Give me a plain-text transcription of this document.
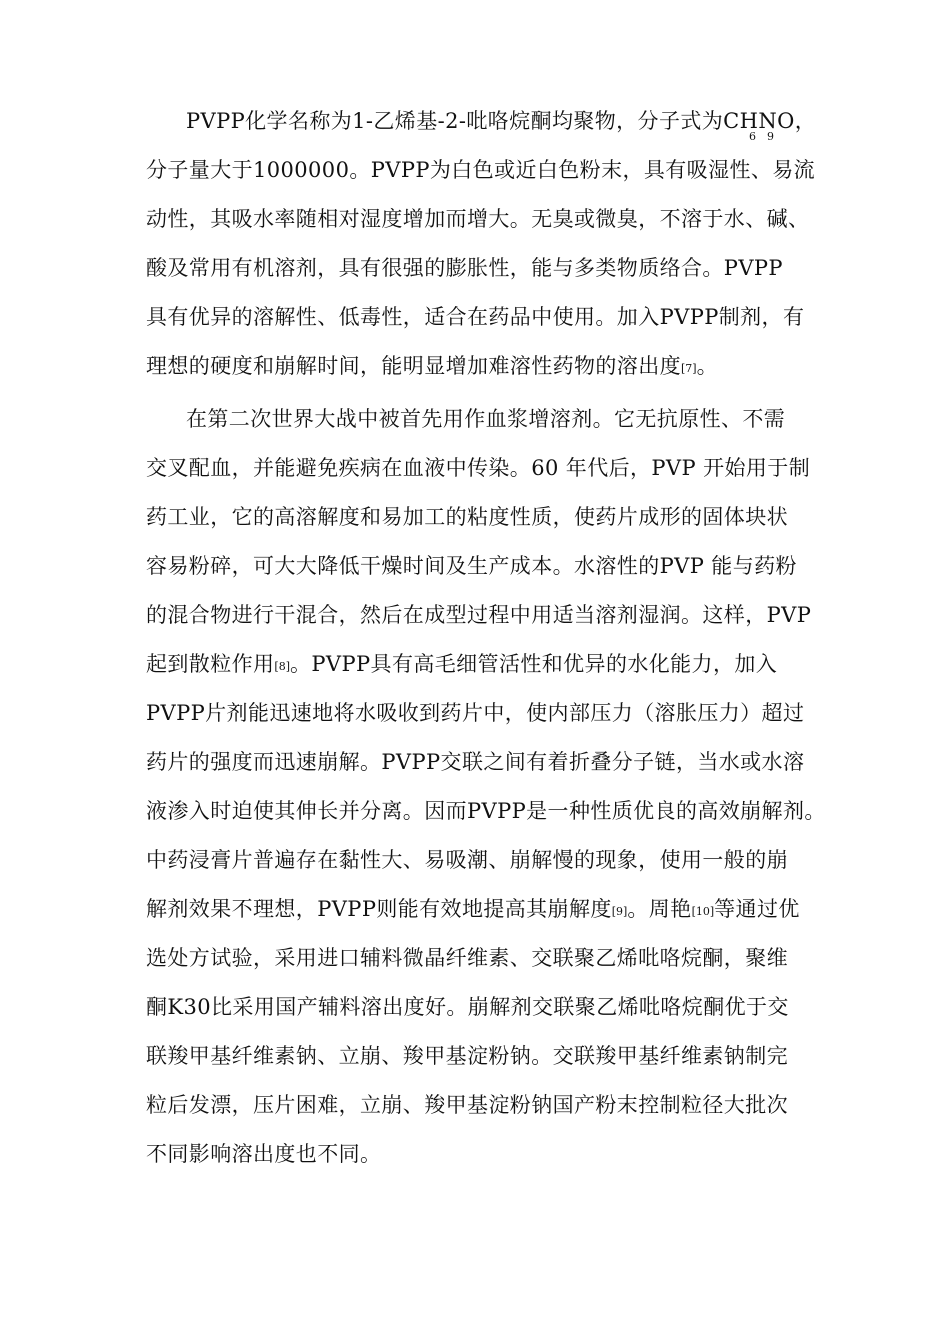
PVPP化学名称为1-乙烯基-2-吡咯烷酮均聚物，分子式为CHNO，
6 9
分子量大于1000000。PVPP为白色或近白色粉末，具有吸湿性、易流
动性，其吸水率随相对湿度增加而增大。无臭或微臭，不溶于水、碱、
酸及常用有机溶剂，具有很强的膨胀性，能与多类物质络合。PVPP
具有优异的溶解性、低毒性，适合在药品中使用。加入PVPP制剂，有
理想的硬度和崩解时间，能明显增加难溶性药物的溶出度[7]。
在第二次世界大战中被首先用作血浆增溶剂。它无抗原性、不需
交叉配血，并能避免疾病在血液中传染。60 年代后，PVP 开始用于制
药工业，它的高溶解度和易加工的粘度性质，使药片成形的固体块状
容易粉碎，可大大降低干燥时间及生产成本。水溶性的PVP 能与药粉
的混合物进行干混合，然后在成型过程中用适当溶剂湿润。这样，PVP
起到散粒作用[8]。PVPP具有高毛细管活性和优异的水化能力，加入
PVPP片剂能迅速地将水吸收到药片中，使内部压力（溶胀压力）超过
药片的强度而迅速崩解。PVPP交联之间有着折叠分子链，当水或水溶
液渗入时迫使其伸长并分离。因而PVPP是一种性质优良的高效崩解剂。
中药浸膏片普遍存在黏性大、易吸潮、崩解慢的现象，使用一般的崩
解剂效果不理想，PVPP则能有效地提高其崩解度[9]。周艳[10]等通过优
选处方试验，采用进口辅料微晶纤维素、交联聚乙烯吡咯烷酮，聚维
酮K30比采用国产辅料溶出度好。崩解剂交联聚乙烯吡咯烷酮优于交
联羧甲基纤维素钠、立崩、羧甲基淀粉钠。交联羧甲基纤维素钠制完
粒后发漂，压片困难，立崩、羧甲基淀粉钠国产粉末控制粒径大批次
不同影响溶出度也不同。
